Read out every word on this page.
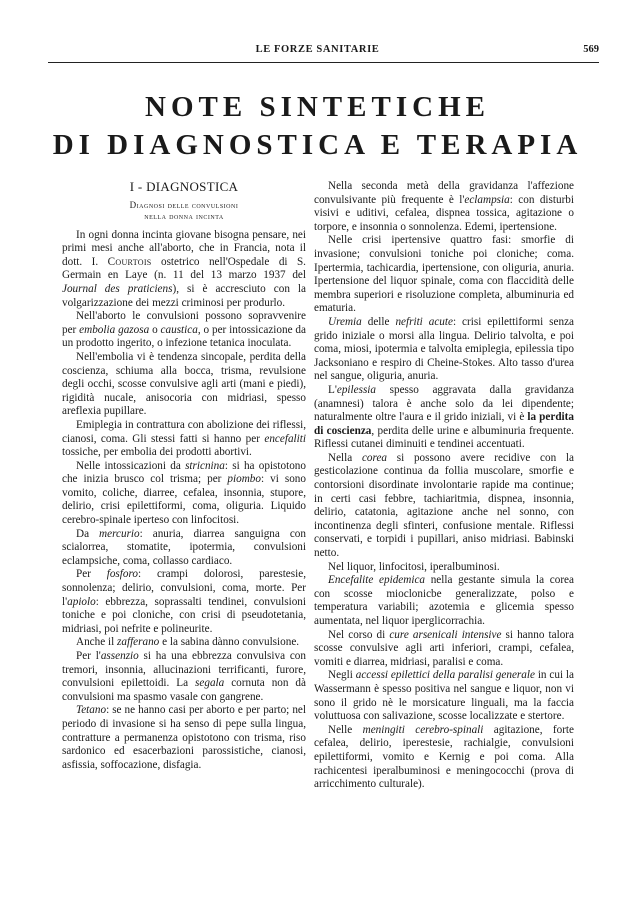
LE FORZE SANITARIE	569
NOTE SINTETICHE
DI DIAGNOSTICA E TERAPIA
I - DIAGNOSTICA
Diagnosi delle convulsioni
nella donna incinta

In ogni donna incinta giovane bisogna pensare, nei primi mesi anche all'aborto, che in Francia, nota il dott. I. Courtois ostetrico nell'Ospedale di S. Germain en Laye (n. 11 del 13 marzo 1937 del Journal des praticiens), si è accresciuto con la volgarizzazione dei mezzi criminosi per produrlo.

Nell'aborto le convulsioni possono sopravvenire per embolia gazosa o caustica, o per intossicazione da un prodotto ingerito, o infezione tetanica inoculata.

Nell'embolia vi è tendenza sincopale, perdita della coscienza, schiuma alla bocca, trisma, revulsione degli occhi, scosse convulsive agli arti (mani e piedi), rigidità nucale, anisocoria con midriasi, spesso areflexia pupillare.

Emiplegia in contrattura con abolizione dei riflessi, cianosi, coma. Gli stessi fatti si hanno per encefaliti tossiche, per embolia dei prodotti abortivi.

Nelle intossicazioni da stricnina: si ha opistotono che inizia brusco col trisma; per piombo: vi sono vomito, coliche, diarree, cefalea, insonnia, stupore, delirio, crisi epilettiformi, coma, oliguria. Liquido cerebro-spinale iperteso con linfocitosi.

Da mercurio: anuria, diarrea sanguigna con scialorrea, stomatite, ipotermia, convulsioni eclampsiche, coma, collasso cardiaco.

Per fosforo: crampi dolorosi, parestesie, sonnolenza; delirio, convulsioni, coma, morte. Per l'apiolo: ebbrezza, soprassalti tendinei, convulsioni toniche e poi cloniche, con crisi di pseudotetania, midriasi, poi nefrite e polineurite.

Anche il zafferano e la sabina dànno convulsione.

Per l'assenzio si ha una ebbrezza convulsiva con tremori, insonnia, allucinazioni terrificanti, furore, convulsioni epilettoidi. La segala cornuta non dà convulsioni ma spasmo vasale con gangrene.

Tetano: se ne hanno casi per aborto e per parto; nel periodo di invasione si ha senso di pepe sulla lingua, contratture a permanenza opistotono con trisma, riso sardonico ed esacerbazioni parossistiche, cianosi, asfissia, soffocazione, disfagia.

Nella seconda metà della gravidanza l'affezione convulsivante più frequente è l'eclampsia: con disturbi visivi e uditivi, cefalea, dispnea tossica, agitazione o torpore, e insonnia o sonnolenza. Edemi, ipertensione.

Nelle crisi ipertensive quattro fasi: smorfie di invasione; convulsioni toniche poi cloniche; coma. Ipertermia, tachicardia, ipertensione, con oliguria, anuria. Ipertensione del liquor spinale, coma con flaccidità delle membra superiori e risoluzione completa, albuminuria ed ematuria.

Uremia delle nefriti acute: crisi epilettiformi senza grido iniziale o morsi alla lingua. Delirio talvolta, e poi coma, miosi, ipotermia e talvolta emiplegia, epilessia tipo Jacksoniano e respiro di Cheine-Stokes. Alto tasso d'urea nel sangue, oliguria, anuria.

L'epilessia spesso aggravata dalla gravidanza (anamnesi) talora è anche solo da lei dipendente; naturalmente oltre l'aura e il grido iniziali, vi è la perdita di coscienza, perdita delle urine e albuminuria frequente. Riflessi cutanei diminuiti e tendinei accentuati.

Nella corea si possono avere recidive con la gesticolazione continua da follia muscolare, smorfie e contorsioni disordinate involontarie rapide ma continue; in certi casi febbre, tachiaritmia, dispnea, insonnia, delirio, catatonia, agitazione anche nel sonno, con incontinenza degli sfinteri, confusione mentale. Riflessi conservati, e torpidi i pupillari, aniso midriasi. Babinski netto.

Nel liquor, linfocitosi, iperalbuminosi.

Encefalite epidemica nella gestante simula la corea con scosse mioclonicbe generalizzate, polso e temperatura variabili; azotemia e glicemia spesso aumentata, nel liquor iperglicorrachia.

Nel corso di cure arsenicali intensive si hanno talora scosse convulsive agli arti inferiori, crampi, cefalea, vomiti e diarrea, midriasi, paralisi e coma.

Negli accessi epilettici della paralisi generale in cui la Wassermann è spesso positiva nel sangue e liquor, non vi sono il grido nè le morsicature linguali, ma la faccia voluttuosa con salivazione, scosse localizzate e stertore.

Nelle meningiti cerebro-spinali agitazione, forte cefalea, delirio, iperestesie, rachialgie, convulsioni epilettiformi, vomito e Kernig e poi coma. Alla rachicentesi iperalbuminosi e meningococchi (prova di arricchimento culturale).
